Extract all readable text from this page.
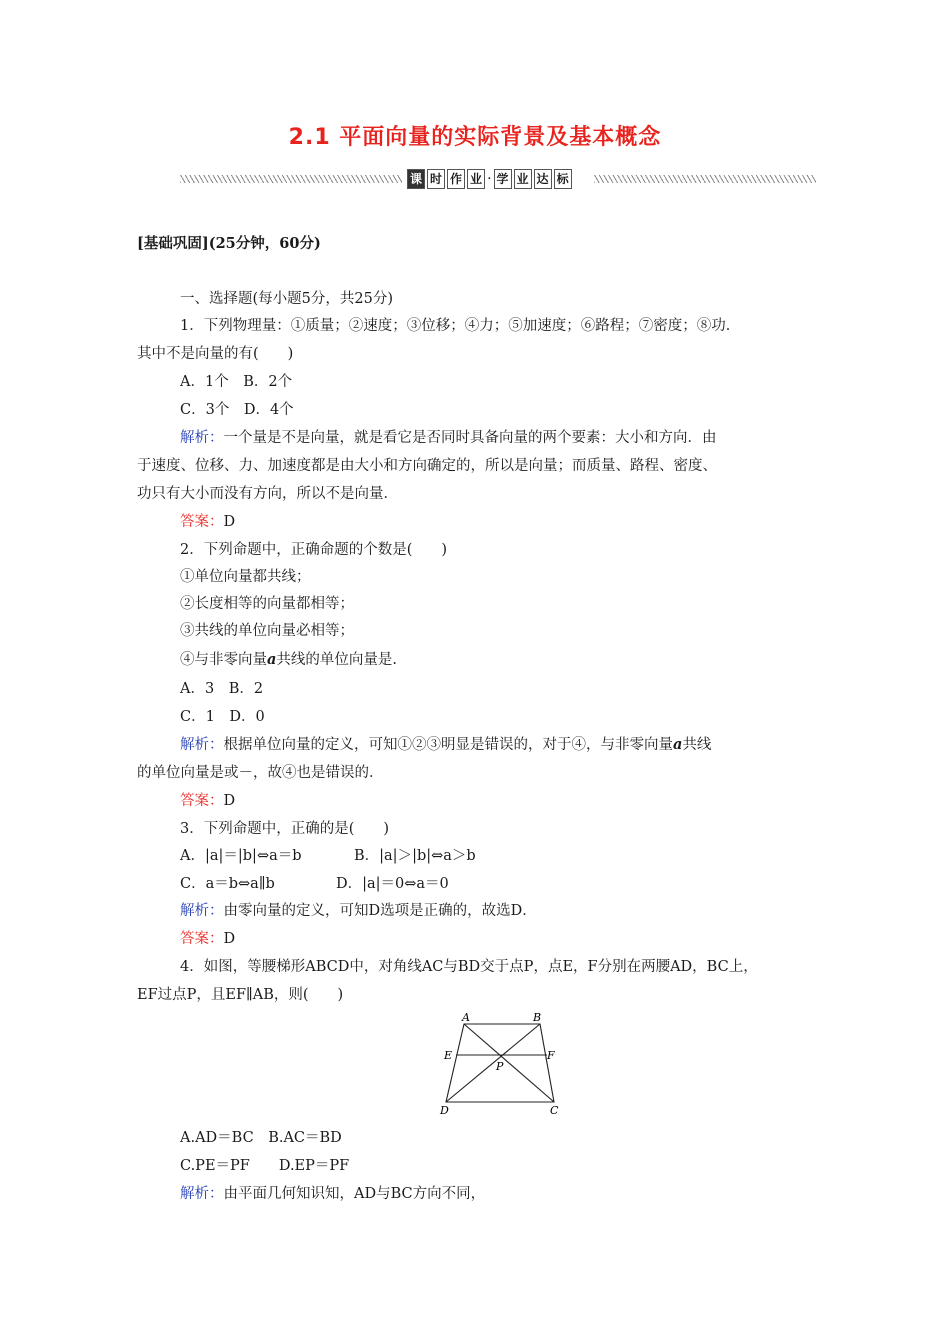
2.1 平面向量的实际背景及基本概念
课 时 作 业 · 学 业 达 标
[基础巩固](25分钟，60分)
一、选择题(每小题5分，共25分)
1．下列物理量：①质量；②速度；③位移；④力；⑤加速度；⑥路程；⑦密度；⑧功．
其中不是向量的有(　　)
A．1个　B．2个
C．3个　D．4个
解析：一个量是不是向量，就是看它是否同时具备向量的两个要素：大小和方向．由
于速度、位移、力、加速度都是由大小和方向确定的，所以是向量；而质量、路程、密度、
功只有大小而没有方向，所以不是向量．
答案：D
2．下列命题中，正确命题的个数是(　　)
①单位向量都共线；
②长度相等的向量都相等；
③共线的单位向量必相等；
④与非零向量a共线的单位向量是.
A．3　B．2
C．1　D．0
解析：根据单位向量的定义，可知①②③明显是错误的，对于④，与非零向量a共线
的单位向量是或－，故④也是错误的．
答案：D
3．下列命题中，正确的是(　　)
A．|a|＝|b|⇔a＝b	B．|a|＞|b|⇔a＞b
C．a＝b⇔a∥b	D．|a|＝0⇔a＝0
解析：由零向量的定义，可知D选项是正确的，故选D．
答案：D
4．如图，等腰梯形ABCD中，对角线AC与BD交于点P，点E，F分别在两腰AD，BC上，
EF过点P，且EF∥AB，则(　　)
A	B
E	F
P
D	C
A.AD＝BC　B.AC＝BD
C.PE＝PF　　D.EP＝PF
解析：由平面几何知识知，AD与BC方向不同，
